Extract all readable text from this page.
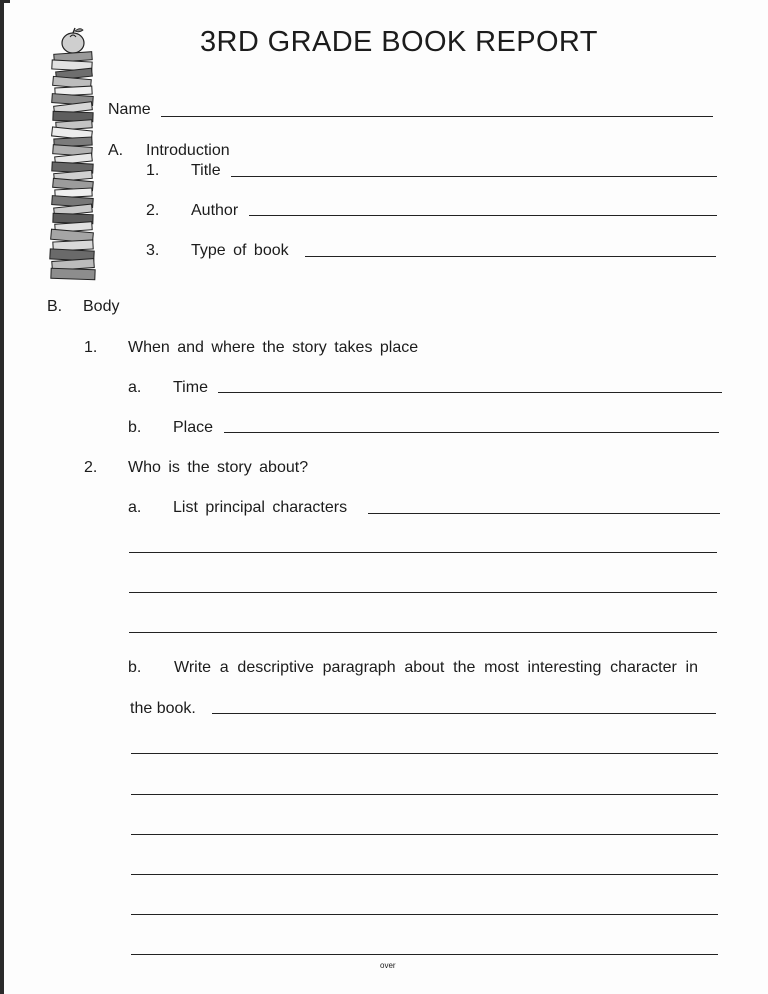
3RD GRADE BOOK REPORT
Name
A. Introduction
1. Title
2. Author
3. Type of book
B. Body
1. When and where the story takes place
a. Time
b. Place
2. Who is the story about?
a. List principal characters
b. Write a descriptive paragraph about the most interesting character in
the book.
over
